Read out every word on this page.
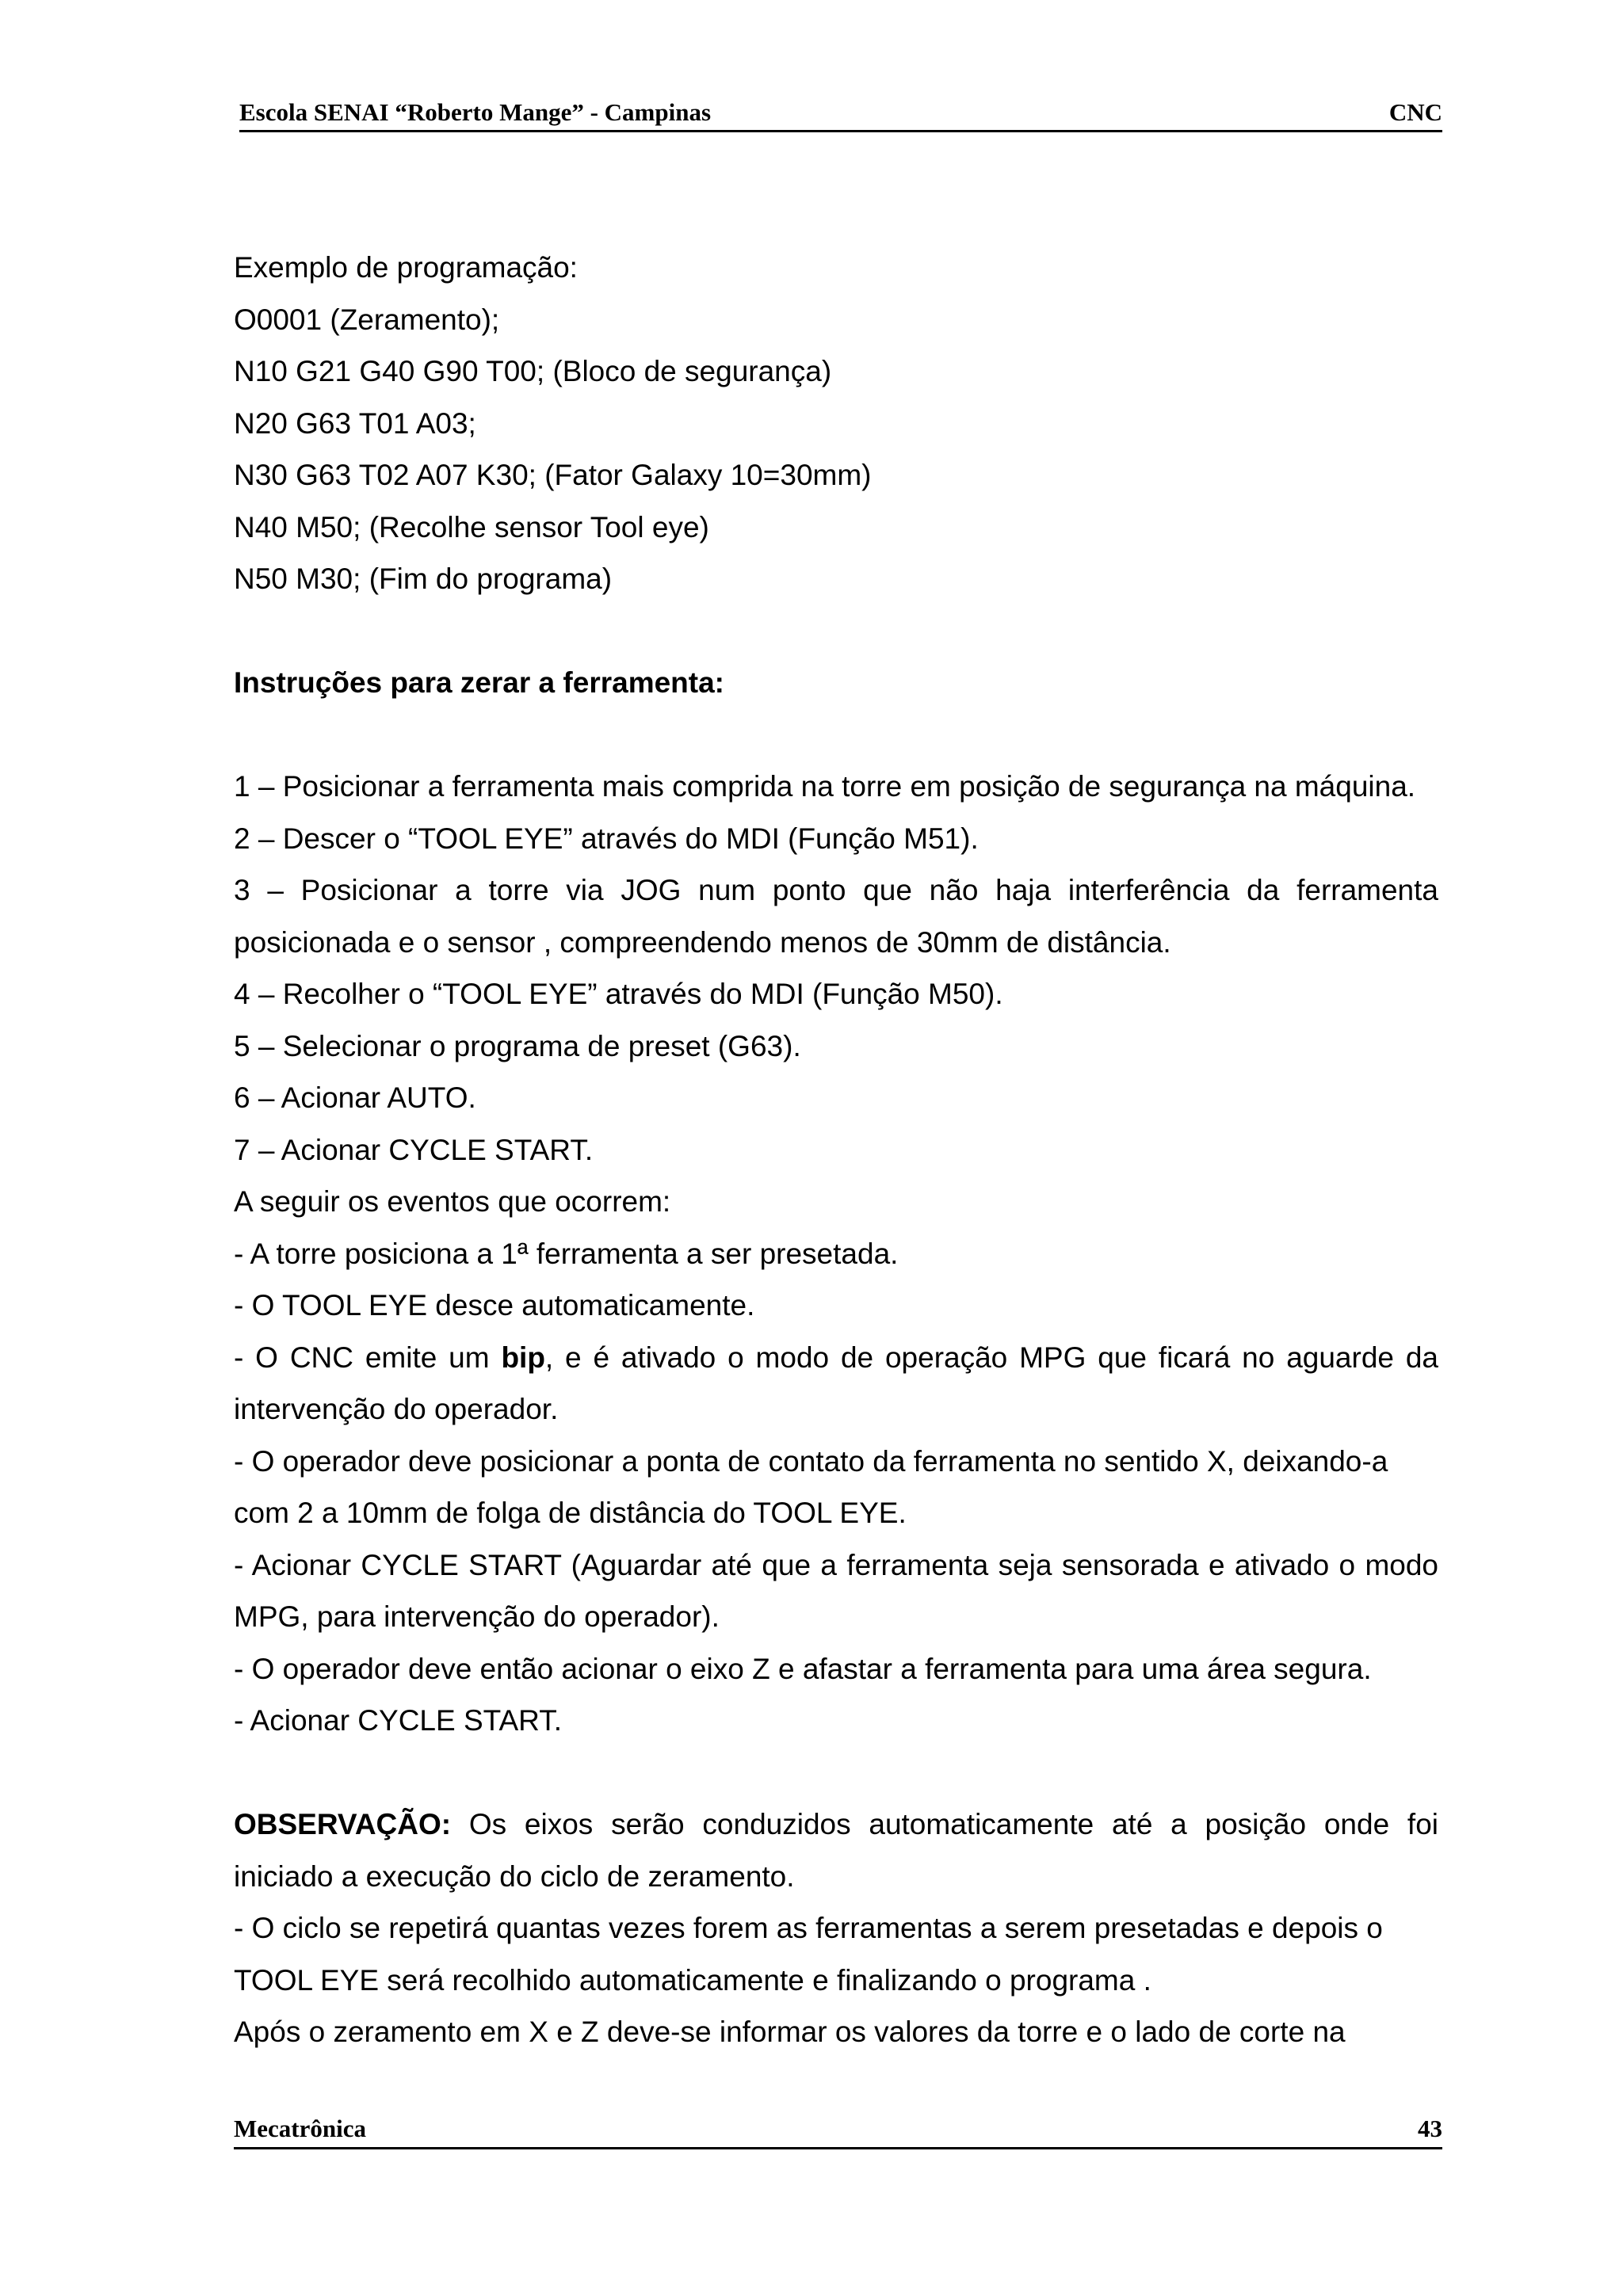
Escola SENAI “Roberto Mange” - Campinas	CNC

Exemplo de programação:

O0001 (Zeramento);

N10 G21 G40 G90 T00; (Bloco de segurança)

N20 G63 T01 A03;

N30 G63 T02 A07 K30; (Fator Galaxy 10=30mm)

N40 M50; (Recolhe sensor Tool eye)

N50 M30; (Fim do programa)

Instruções para zerar a ferramenta:

1 – Posicionar a ferramenta mais comprida na torre em posição de segurança na máquina.

2 – Descer o “TOOL EYE” através do MDI (Função M51).

3 – Posicionar a torre via JOG num ponto que não haja interferência da ferramenta posicionada e o sensor , compreendendo menos de 30mm de distância.

4 – Recolher o “TOOL EYE” através do MDI (Função M50).

5 – Selecionar o programa de preset (G63).

6 – Acionar AUTO.

7 – Acionar CYCLE START.

A seguir os eventos que ocorrem:

- A torre posiciona a 1ª ferramenta a ser presetada.

- O TOOL EYE desce automaticamente.

- O CNC emite um bip, e é ativado o modo de operação MPG que ficará no aguarde da intervenção do operador.

- O operador deve posicionar a ponta de contato da ferramenta no sentido X, deixando-a com 2 a 10mm de folga de distância do TOOL EYE.

- Acionar CYCLE START (Aguardar até que a ferramenta seja sensorada e ativado o modo MPG, para intervenção do operador).

- O operador deve então acionar o eixo Z e afastar a ferramenta para uma área segura.

- Acionar CYCLE START.

OBSERVAÇÃO: Os eixos serão conduzidos automaticamente até a posição onde foi iniciado a execução do ciclo de zeramento.

- O ciclo se repetirá quantas vezes forem as ferramentas a serem presetadas e depois o TOOL EYE será recolhido automaticamente e finalizando o programa .

Após o zeramento em X e Z deve-se informar os valores da torre e o lado de corte na

Mecatrônica	43
